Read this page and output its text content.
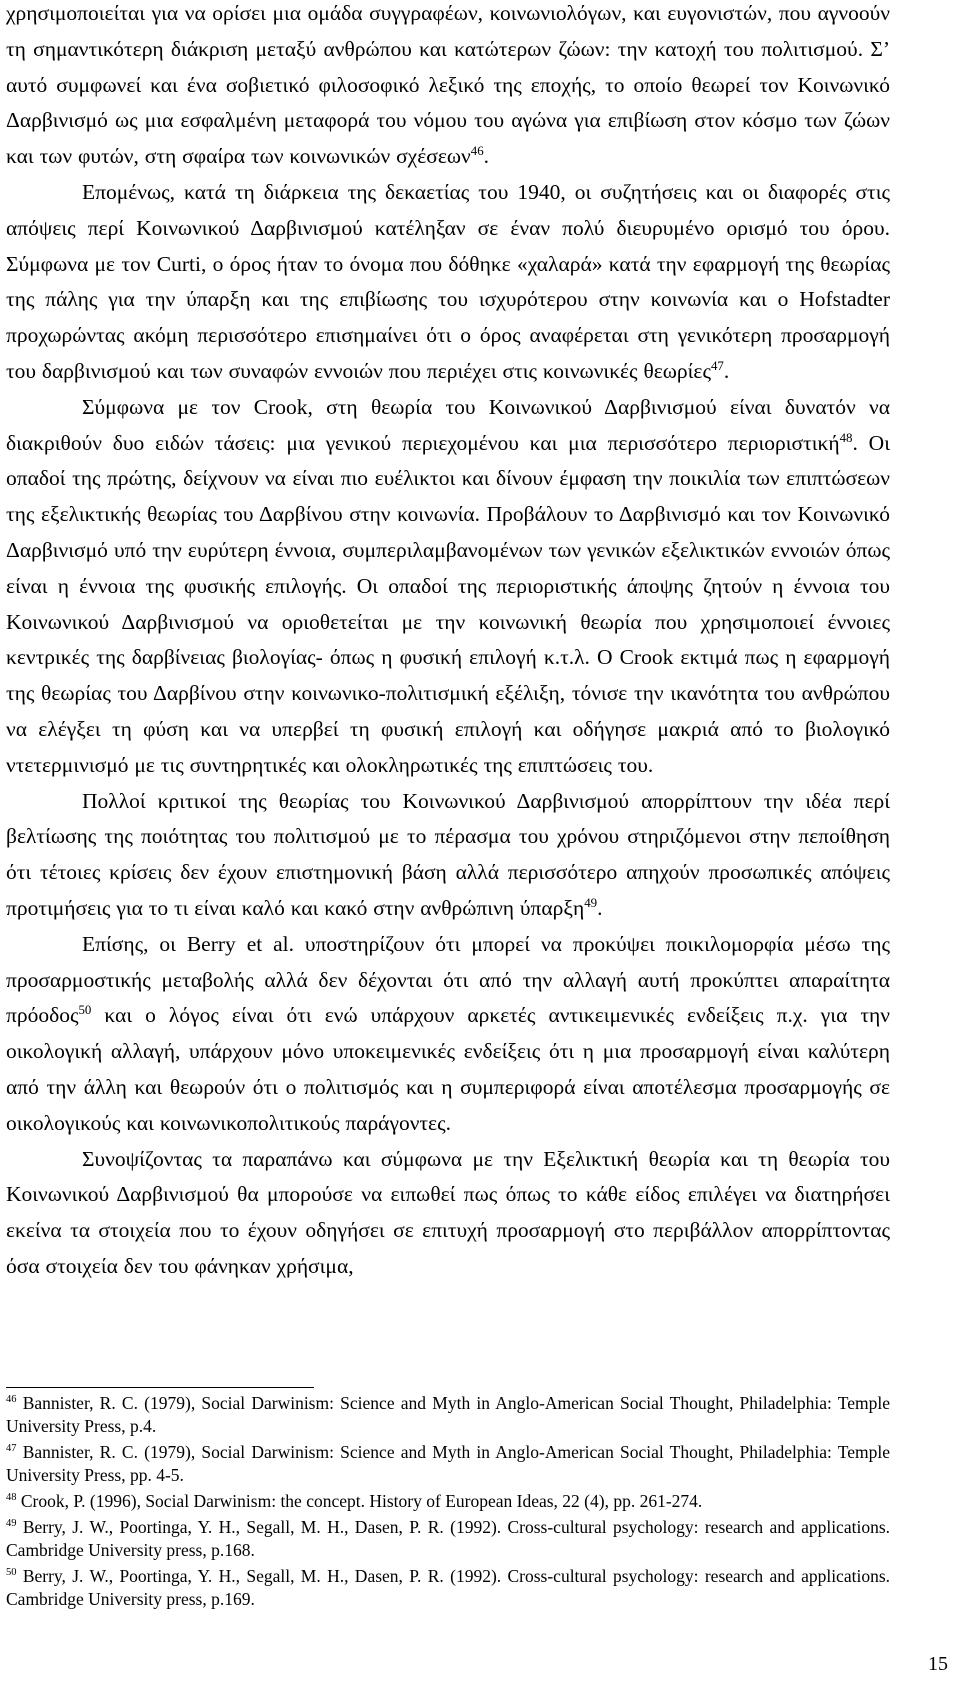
χρησιμοποιείται για να ορίσει μια ομάδα συγγραφέων, κοινωνιολόγων, και ευγονιστών, που αγνοούν τη σημαντικότερη διάκριση μεταξύ ανθρώπου και κατώτερων ζώων: την κατοχή του πολιτισμού. Σ’ αυτό συμφωνεί και ένα σοβιετικό φιλοσοφικό λεξικό της εποχής, το οποίο θεωρεί τον Κοινωνικό Δαρβινισμό ως μια εσφαλμένη μεταφορά του νόμου του αγώνα για επιβίωση στον κόσμο των ζώων και των φυτών, στη σφαίρα των κοινωνικών σχέσεων$^{46}$.

Επομένως, κατά τη διάρκεια της δεκαετίας του 1940, οι συζητήσεις και οι διαφορές στις απόψεις περί Κοινωνικού Δαρβινισμού κατέληξαν σε έναν πολύ διευρυμένο ορισμό του όρου. Σύμφωνα με τον Curti, ο όρος ήταν το όνομα που δόθηκε «χαλαρά» κατά την εφαρμογή της θεωρίας της πάλης για την ύπαρξη και της επιβίωσης του ισχυρότερου στην κοινωνία και ο Hofstadter προχωρώντας ακόμη περισσότερο επισημαίνει ότι ο όρος αναφέρεται στη γενικότερη προσαρμογή του δαρβινισμού και των συναφών εννοιών που περιέχει στις κοινωνικές θεωρίες$^{47}$.

Σύμφωνα με τον Crook, στη θεωρία του Κοινωνικού Δαρβινισμού είναι δυνατόν να διακριθούν δυο ειδών τάσεις: μια γενικού περιεχομένου και μια περισσότερο περιοριστική$^{48}$. Οι οπαδοί της πρώτης, δείχνουν να είναι πιο ευέλικτοι και δίνουν έμφαση την ποικιλία των επιπτώσεων της εξελικτικής θεωρίας του Δαρβίνου στην κοινωνία. Προβάλουν το Δαρβινισμό και τον Κοινωνικό Δαρβινισμό υπό την ευρύτερη έννοια, συμπεριλαμβανομένων των γενικών εξελικτικών εννοιών όπως είναι η έννοια της φυσικής επιλογής. Οι οπαδοί της περιοριστικής άποψης ζητούν η έννοια του Κοινωνικού Δαρβινισμού να οριοθετείται με την κοινωνική θεωρία που χρησιμοποιεί έννοιες κεντρικές της δαρβίνειας βιολογίας- όπως η φυσική επιλογή κ.τ.λ. Ο Crook εκτιμά πως η εφαρμογή της θεωρίας του Δαρβίνου στην κοινωνικο-πολιτισμική εξέλιξη, τόνισε την ικανότητα του ανθρώπου να ελέγξει τη φύση και να υπερβεί τη φυσική επιλογή και οδήγησε μακριά από το βιολογικό ντετερμινισμό με τις συντηρητικές και ολοκληρωτικές της επιπτώσεις του.

Πολλοί κριτικοί της θεωρίας του Κοινωνικού Δαρβινισμού απορρίπτουν την ιδέα περί βελτίωσης της ποιότητας του πολιτισμού με το πέρασμα του χρόνου στηριζόμενοι στην πεποίθηση ότι τέτοιες κρίσεις δεν έχουν επιστημονική βάση αλλά περισσότερο απηχούν προσωπικές απόψεις προτιμήσεις για το τι είναι καλό και κακό στην ανθρώπινη ύπαρξη$^{49}$.

Επίσης, οι Berry et al. υποστηρίζουν ότι μπορεί να προκύψει ποικιλομορφία μέσω της προσαρμοστικής μεταβολής αλλά δεν δέχονται ότι από την αλλαγή αυτή προκύπτει απαραίτητα πρόοδος$^{50}$ και ο λόγος είναι ότι ενώ υπάρχουν αρκετές αντικειμενικές ενδείξεις π.χ. για την οικολογική αλλαγή, υπάρχουν μόνο υποκειμενικές ενδείξεις ότι η μια προσαρμογή είναι καλύτερη από την άλλη και θεωρούν ότι ο πολιτισμός και η συμπεριφορά είναι αποτέλεσμα προσαρμογής σε οικολογικούς και κοινωνικοπολιτικούς παράγοντες.

Συνοψίζοντας τα παραπάνω και σύμφωνα με την Εξελικτική θεωρία και τη θεωρία του Κοινωνικού Δαρβινισμού θα μπορούσε να ειπωθεί πως όπως το κάθε είδος επιλέγει να διατηρήσει εκείνα τα στοιχεία που το έχουν οδηγήσει σε επιτυχή προσαρμογή στο περιβάλλον απορρίπτοντας όσα στοιχεία δεν του φάνηκαν χρήσιμα,

$^{46}$ Bannister, R. C. (1979), Social Darwinism: Science and Myth in Anglo-American Social Thought, Philadelphia: Temple University Press, p.4.

$^{47}$ Bannister, R. C. (1979), Social Darwinism: Science and Myth in Anglo-American Social Thought, Philadelphia: Temple University Press, pp. 4-5.

$^{48}$ Crook, P. (1996), Social Darwinism: the concept. History of European Ideas, 22 (4), pp. 261-274.

$^{49}$ Berry, J. W., Poortinga, Y. H., Segall, M. H., Dasen, P. R. (1992). Cross-cultural psychology: research and applications. Cambridge University press, p.168.

$^{50}$ Berry, J. W., Poortinga, Y. H., Segall, M. H., Dasen, P. R. (1992). Cross-cultural psychology: research and applications. Cambridge University press, p.169.

15
